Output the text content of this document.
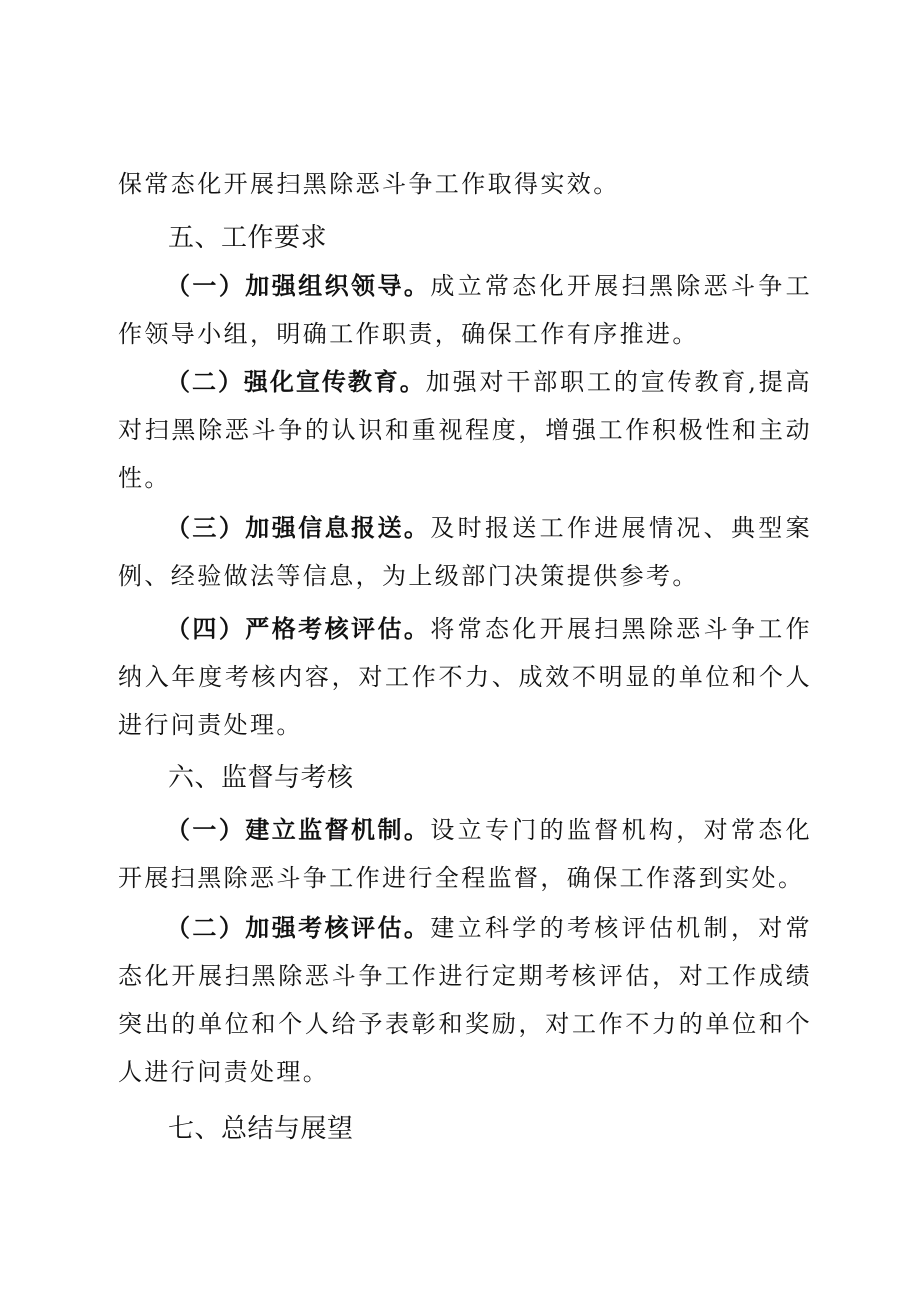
保常态化开展扫黑除恶斗争工作取得实效。

五、工作要求

（一）加强组织领导。成立常态化开展扫黑除恶斗争工作领导小组，明确工作职责，确保工作有序推进。

（二）强化宣传教育。加强对干部职工的宣传教育,提高对扫黑除恶斗争的认识和重视程度，增强工作积极性和主动性。

（三）加强信息报送。及时报送工作进展情况、典型案例、经验做法等信息，为上级部门决策提供参考。

（四）严格考核评估。将常态化开展扫黑除恶斗争工作纳入年度考核内容，对工作不力、成效不明显的单位和个人进行问责处理。

六、监督与考核

（一）建立监督机制。设立专门的监督机构，对常态化开展扫黑除恶斗争工作进行全程监督，确保工作落到实处。

（二）加强考核评估。建立科学的考核评估机制，对常态化开展扫黑除恶斗争工作进行定期考核评估，对工作成绩突出的单位和个人给予表彰和奖励，对工作不力的单位和个人进行问责处理。

七、总结与展望
